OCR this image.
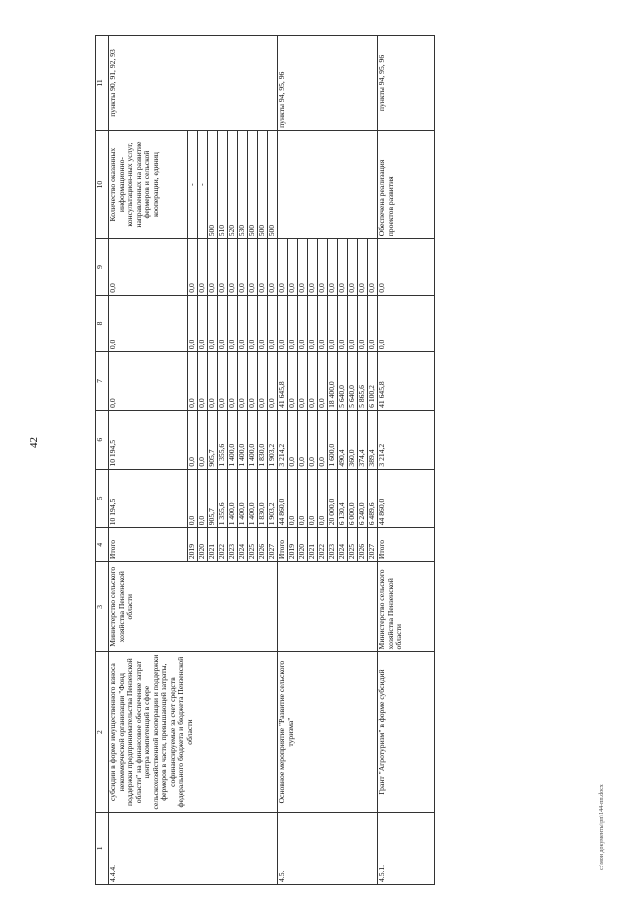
42
c:\мои документы\рп\144-пп.docx
1	2	3	4	5	6	7	8	9	10	11
4.4.4.	субсидии в форме имущественного взноса некоммерческой организации "Фонд поддержки предпринимательства Пензенской области" на финансовое обеспечение затрат центра компетенций в сфере сельскохозяйственной кооперации и поддержки фермеров в части, превышающей затраты, софинансируемые за счет средств федерального бюджета и бюджета Пензенской области	Министерство сельского хозяйства Пензенской области	Итого	10 194,5	10 194,5	0,0	0,0	0,0	Количество оказанных информационно-консультацион-ных услуг, направленных на развитие фермеров и сельской кооперации, единиц	пункты 90, 91, 92, 93
			2019	0,0	0,0	0,0	0,0	0,0	-	
			2020	0,0	0,0	0,0	0,0	0,0	-	
			2021	905,7	905,7	0,0	0,0	0,0	500	
			2022	1 355,6	1 355,6	0,0	0,0	0,0	510	
			2023	1 400,0	1 400,0	0,0	0,0	0,0	520	
			2024	1 400,0	1 400,0	0,0	0,0	0,0	530	
			2025	1 400,0	1 400,0	0,0	0,0	0,0	500	
			2026	1 830,0	1 830,0	0,0	0,0	0,0	500	
			2027	1 903,2	1 903,2	0,0	0,0	0,0	500	
4.5.	Основное мероприятие "Развитие сельского туризма"		Итого	44 860,0	3 214,2	41 645,8	0,0	0,0		пункты 94, 95, 96
			2019	0,0	0,0	0,0	0,0	0,0		
			2020	0,0	0,0	0,0	0,0	0,0		
			2021	0,0	0,0	0,0	0,0	0,0		
			2022	0,0	0,0	0,0	0,0	0,0		
			2023	20 000,0	1 600,0	18 400,0	0,0	0,0		
			2024	6 130,4	490,4	5 640,0	0,0	0,0		
			2025	6 000,0	360,0	5 640,0	0,0	0,0		
			2026	6 240,0	374,4	5 865,6	0,0	0,0		
			2027	6 489,6	389,4	6 100,2	0,0	0,0		
4.5.1.	Грант "Агротуризм" в форме субсидий	Министерство сельского хозяйства Пензенской области	Итого	44 860,0	3 214,2	41 645,8	0,0	0,0	Обеспечена реализация проектов развития	пункты 94, 95, 96
